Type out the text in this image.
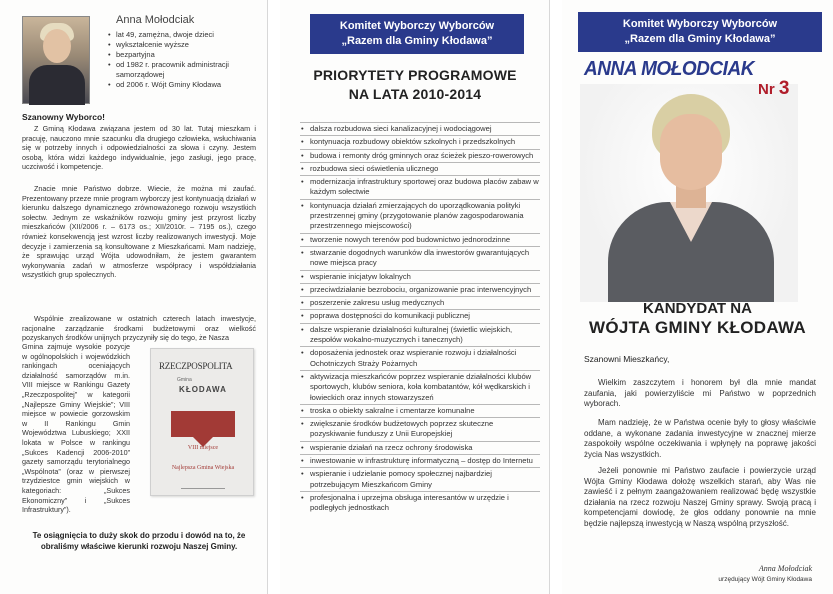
Anna Mołodciak
• lat 49, zamężna, dwoje dzieci
• wykształcenie wyższe
• bezpartyjna
• od 1982 r. pracownik administracji samorządowej
• od 2006 r. Wójt Gminy Kłodawa
Szanowny Wyborco!

Z Gminą Kłodawa związana jestem od 30 lat. Tutaj mieszkam i pracuję, nauczono mnie szacunku dla drugiego człowieka, wsłuchiwania się w potrzeby innych i odpowiedzialności za słowa i czyny. Jestem osobą, która widzi każdego indywidualnie, jego zasługi, jego pracę, uczciwość i kompetencje.

Znacie mnie Państwo dobrze. Wiecie, że można mi zaufać. Prezentowany przeze mnie program wyborczy jest kontynuacją działań w kierunku dalszego dynamicznego zrównoważonego rozwoju wszystkich sołectw. Jednym ze wskaźników rozwoju gminy jest przyrost liczby mieszkańców (XII/2006 r. – 6173 os.; XII/2010r. – 7195 os.), czego również konsekwencją jest wzrost liczby realizowanych inwestycji. Moje decyzje i zamierzenia są konsultowane z Mieszkańcami. Mam nadzieję, że sprawując urząd Wójta udowodniłam, że jestem gwarantem wykonywania zadań w atmosferze współpracy i współdziałania wszystkich grup społecznych.

Wspólnie zrealizowane w ostatnich czterech latach inwestycje, racjonalne zarządzanie środkami budżetowymi oraz wielkość pozyskanych środków unijnych przyczyniły się do tego, że Nasza

Gmina zajmuje wysokie pozycje w ogólnopolskich i wojewódzkich rankingach oceniających działalność samorządów m.in. VIII miejsce w Rankingu Gazety „Rzeczpospolitej” w kategorii „Najlepsze Gminy Wiejskie”; VIII miejsce w powiecie gorzowskim w II Rankingu Gmin Województwa Lubuskiego; XXII lokata w Polsce w rankingu „Sukces Kadencji 2006-2010” gazety samorządu terytorialnego „Wspólnota” (oraz w pierwszej trzydziestce gmin wiejskich w kategoriach: „Sukces Ekonomiczny” i „Sukces Infrastruktury”).

RZECZPOSPOLITA
Gmina
KŁODAWA
VIII miejsce
Najlepsza Gmina Wiejska
Te osiągnięcia to duży skok do przodu i dowód na to, że obraliśmy właściwe kierunki rozwoju Naszej Gminy.
Komitet Wyborczy Wyborców
„Razem dla Gminy Kłodawa”
PRIORYTETY PROGRAMOWE
NA LATA 2010-2014
• dalsza rozbudowa sieci kanalizacyjnej i wodociągowej
• kontynuacja rozbudowy obiektów szkolnych i przedszkolnych
• budowa i remonty dróg gminnych oraz ścieżek pieszo-rowerowych
• rozbudowa sieci oświetlenia ulicznego
• modernizacja infrastruktury sportowej oraz budowa placów zabaw w każdym sołectwie
• kontynuacja działań zmierzających do uporządkowania polityki przestrzennej gminy (przygotowanie planów zagospodarowania przestrzennego miejscowości)
• tworzenie nowych terenów pod budownictwo jednorodzinne
• stwarzanie dogodnych warunków dla inwestorów gwarantujących nowe miejsca pracy
• wspieranie inicjatyw lokalnych
• przeciwdziałanie bezrobociu, organizowanie prac interwencyjnych
• poszerzenie zakresu usług medycznych
• poprawa dostępności do komunikacji publicznej
• dalsze wspieranie działalności kulturalnej (świetlic wiejskich, zespołów wokalno-muzycznych i tanecznych)
• doposażenia jednostek oraz wspieranie rozwoju i działalności Ochotniczych Straży Pożarnych
• aktywizacja mieszkańców poprzez wspieranie działalności klubów sportowych, klubów seniora, koła kombatantów, kół wędkarskich i łowieckich oraz innych stowarzyszeń
• troska o obiekty sakralne i cmentarze komunalne
• zwiększanie środków budżetowych poprzez skuteczne pozyskiwanie funduszy z Unii Europejskiej
• wspieranie działań na rzecz ochrony środowiska
• inwestowanie w infrastrukturę informatyczną – dostęp do Internetu
• wspieranie i udzielanie pomocy społecznej najbardziej potrzebującym Mieszkańcom Gminy
• profesjonalna i uprzejma obsługa interesantów w urzędzie i podległych jednostkach
Komitet Wyborczy Wyborców
„Razem dla Gminy Kłodawa”
ANNA MOŁODCIAK
Nr 3
KANDYDAT NA
WÓJTA GMINY KŁODAWA
Szanowni Mieszkańcy,

Wielkim zaszczytem i honorem był dla mnie mandat zaufania, jaki powierzyliście mi Państwo w poprzednich wyborach.

Mam nadzieję, że w Państwa ocenie były to głosy właściwie oddane, a wykonane zadania inwestycyjne w znacznej mierze zaspokoiły wspólne oczekiwania i wpłynęły na poprawę jakości życia Nas wszystkich.

Jeżeli ponownie mi Państwo zaufacie i powierzycie urząd Wójta Gminy Kłodawa dołożę wszelkich starań, aby Was nie zawieść i z pełnym zaangażowaniem realizować będę wszystkie działania na rzecz rozwoju Naszej Gminy sprawy. Swoją pracą i kompetencjami dowiodę, że głos oddany ponownie na mnie będzie najlepszą inwestycją w Naszą wspólną przyszłość.

Anna Mołodciak
urzędujący Wójt Gminy Kłodawa
